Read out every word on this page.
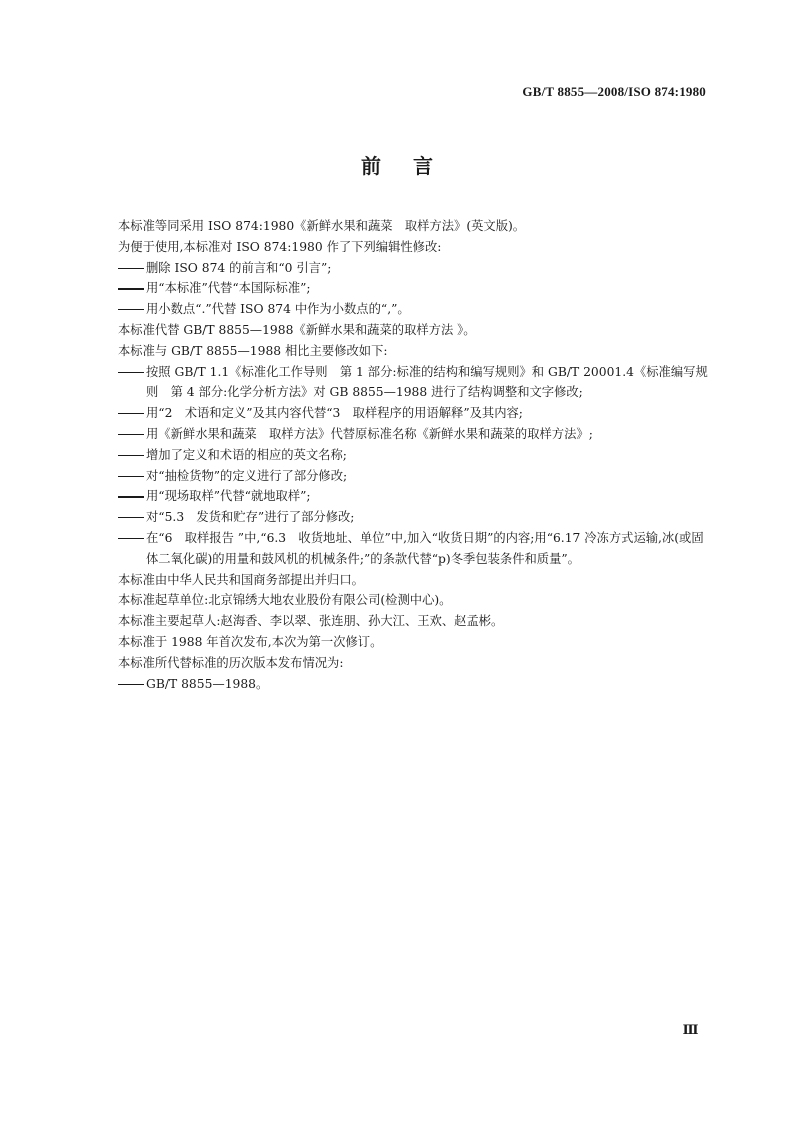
GB/T 8855—2008/ISO 874:1980
前言
本标准等同采用 ISO 874:1980《新鲜水果和蔬菜　取样方法》(英文版)。
为便于使用,本标准对 ISO 874:1980 作了下列编辑性修改:
删除 ISO 874 的前言和“0 引言”;
用“本标准”代替“本国际标准”;
用小数点“.”代替 ISO 874 中作为小数点的“,”。
本标准代替 GB/T 8855—1988《新鲜水果和蔬菜的取样方法 》。
本标准与 GB/T 8855—1988 相比主要修改如下:
按照 GB/T 1.1《标准化工作导则　第 1 部分:标准的结构和编写规则》和 GB/T 20001.4《标准编写规则　第 4 部分:化学分析方法》对 GB 8855—1988 进行了结构调整和文字修改;
用“2　术语和定义”及其内容代替“3　取样程序的用语解释”及其内容;
用《新鲜水果和蔬菜　取样方法》代替原标准名称《新鲜水果和蔬菜的取样方法》;
增加了定义和术语的相应的英文名称;
对“抽检货物”的定义进行了部分修改;
用“现场取样”代替“就地取样”;
对“5.3　发货和贮存”进行了部分修改;
在“6　取样报告 ”中,“6.3　收货地址、单位”中,加入“收货日期”的内容;用“6.17 冷冻方式运输,冰(或固体二氧化碳)的用量和鼓风机的机械条件;”的条款代替“p)冬季包装条件和质量”。
本标准由中华人民共和国商务部提出并归口。
本标准起草单位:北京锦绣大地农业股份有限公司(检测中心)。
本标准主要起草人:赵海香、李以翠、张连朋、孙大江、王欢、赵孟彬。
本标准于 1988 年首次发布,本次为第一次修订。
本标准所代替标准的历次版本发布情况为:
GB/T 8855—1988。
Ⅲ
